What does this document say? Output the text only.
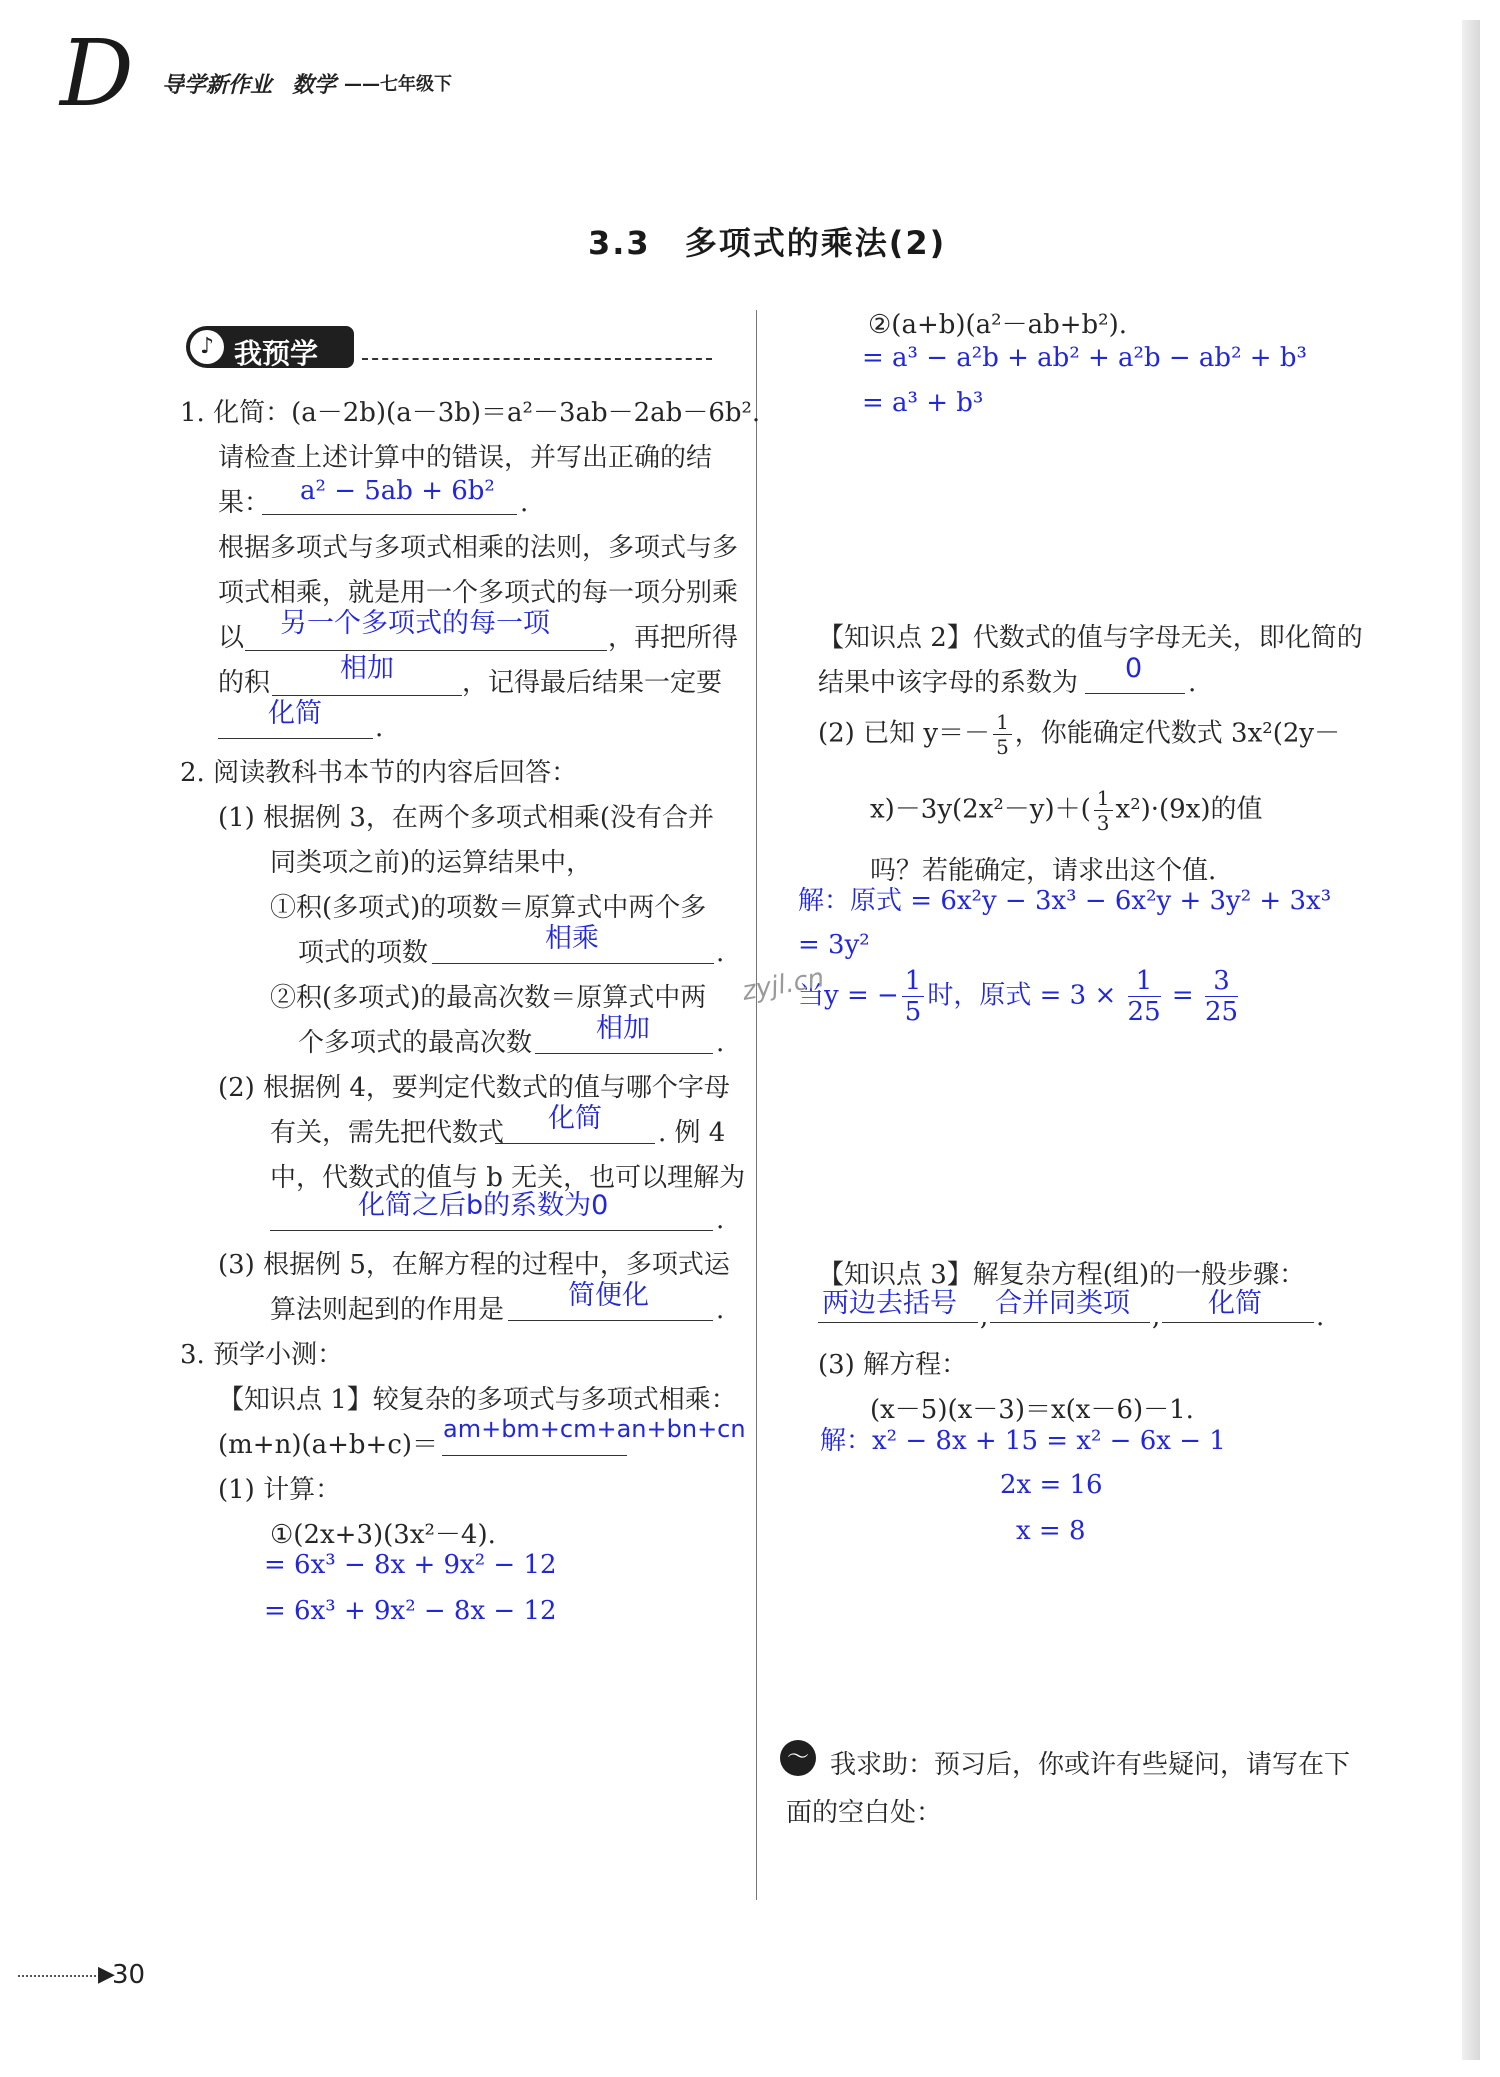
D 导学新作业 数学 ——七年级下
3.3　多项式的乘法(2)
♪ 我预学
1. 化简：(a－2b)(a－3b)＝a²－3ab－2ab－6b².
请检查上述计算中的错误，并写出正确的结
果： a² − 5ab + 6b² .
根据多项式与多项式相乘的法则，多项式与多
项式相乘，就是用一个多项式的每一项分别乘
以 另一个多项式的每一项 ，再把所得
的积	相加	，记得最后结果一定要
化简 .
2. 阅读教科书本节的内容后回答：
(1) 根据例 3，在两个多项式相乘(没有合并
同类项之前)的运算结果中，
①积(多项式)的项数＝原算式中两个多
项式的项数	相乘	.
②积(多项式)的最高次数＝原算式中两
个多项式的最高次数 相加	.
(2) 根据例 4，要判定代数式的值与哪个字母
有关，需先把代数式 化简 . 例 4
中，代数式的值与 b 无关，也可以理解为
化简之后b的系数为0	.
(3) 根据例 5，在解方程的过程中，多项式运
算法则起到的作用是 简便化	.
3. 预学小测：
【知识点 1】较复杂的多项式与多项式相乘：
(m+n)(a+b+c)＝
am+bm+cm+an+bn+cn
(1) 计算：
①(2x+3)(3x²－4).
= 6x³ − 8x + 9x² − 12
= 6x³ + 9x² − 8x − 12
②(a+b)(a²－ab+b²).
= a³ − a²b + ab² + a²b − ab² + b³
= a³ + b³
【知识点 2】代数式的值与字母无关，即化简的
结果中该字母的系数为 0 .
(2) 已知 $y=- \frac{1}{5}$ ，你能确定代数式 3x²(2y－
$x)-3y(2x^2-y)+( \frac{1}{3} x^2)\cdot(9x)$的值
吗？若能确定，请求出这个值.
解：原式 = 6x²y − 3x³ − 6x²y + 3y² + 3x³
= 3y²
当y = − $\frac{1}{5}$ 时，原式 = $3 \times \frac{1}{25} = \frac{3}{25}$
zyjl.cn
【知识点 3】解复杂方程(组)的一般步骤：
两边去括号 , 合并同类项 , 化简 .
(3) 解方程：
(x－5)(x－3)＝x(x－6)－1.
解：x² − 8x + 15 = x² − 6x − 1
2x = 16
x = 8
〜 我求助：预习后，你或许有些疑问，请写在下
面的空白处：
▶
30
